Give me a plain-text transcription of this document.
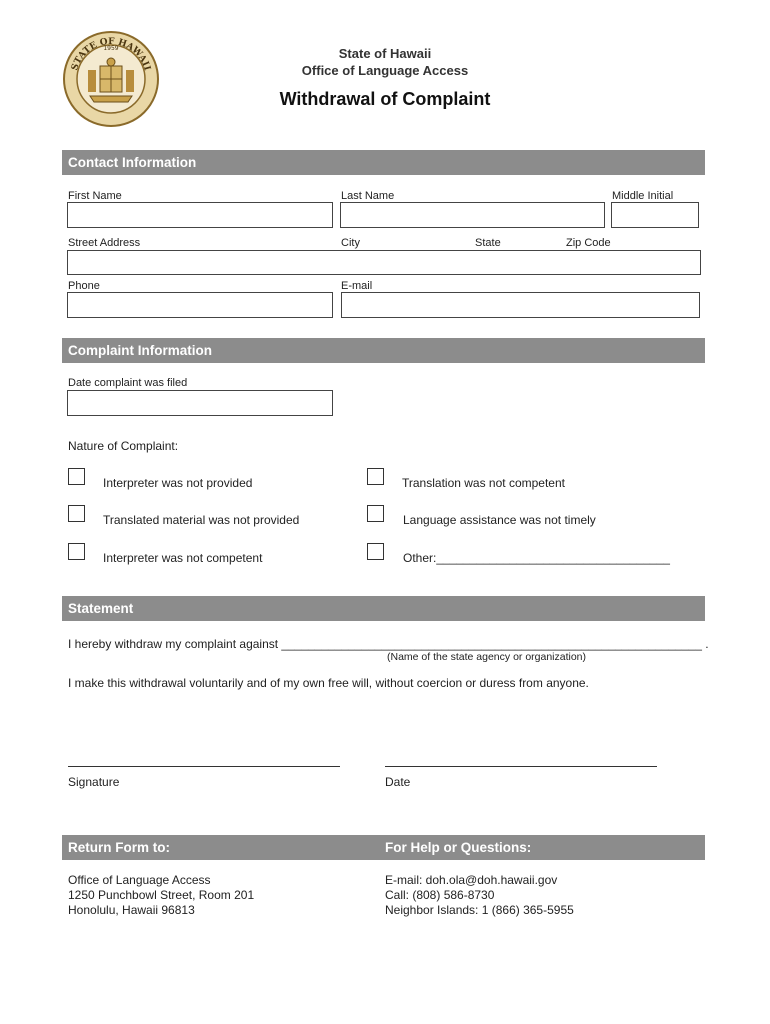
STATE OF HAWAII
1959	State of Hawaii
Office of Language Access
Withdrawal of Complaint
Contact Information
First Name	Last Name	Middle Initial
Street Address	City	State	Zip Code
Phone	E-mail
Complaint Information
Date complaint was filed
Nature of Complaint:
Interpreter was not provided	Translation was not competent
Translated material was not provided	Language assistance was not timely
Interpreter was not competent	Other:___________________________________
Statement
I hereby withdraw my complaint against _______________________________________________________________ .
(Name of the state agency or organization)
I make this withdrawal voluntarily and of my own free will, without coercion or duress from anyone.
Signature	Date
Return Form to:	For Help or Questions:
Office of Language Access
1250 Punchbowl Street, Room 201
Honolulu, Hawaii 96813
E-mail: doh.ola@doh.hawaii.gov
Call: (808) 586-8730
Neighbor Islands: 1 (866) 365-5955
